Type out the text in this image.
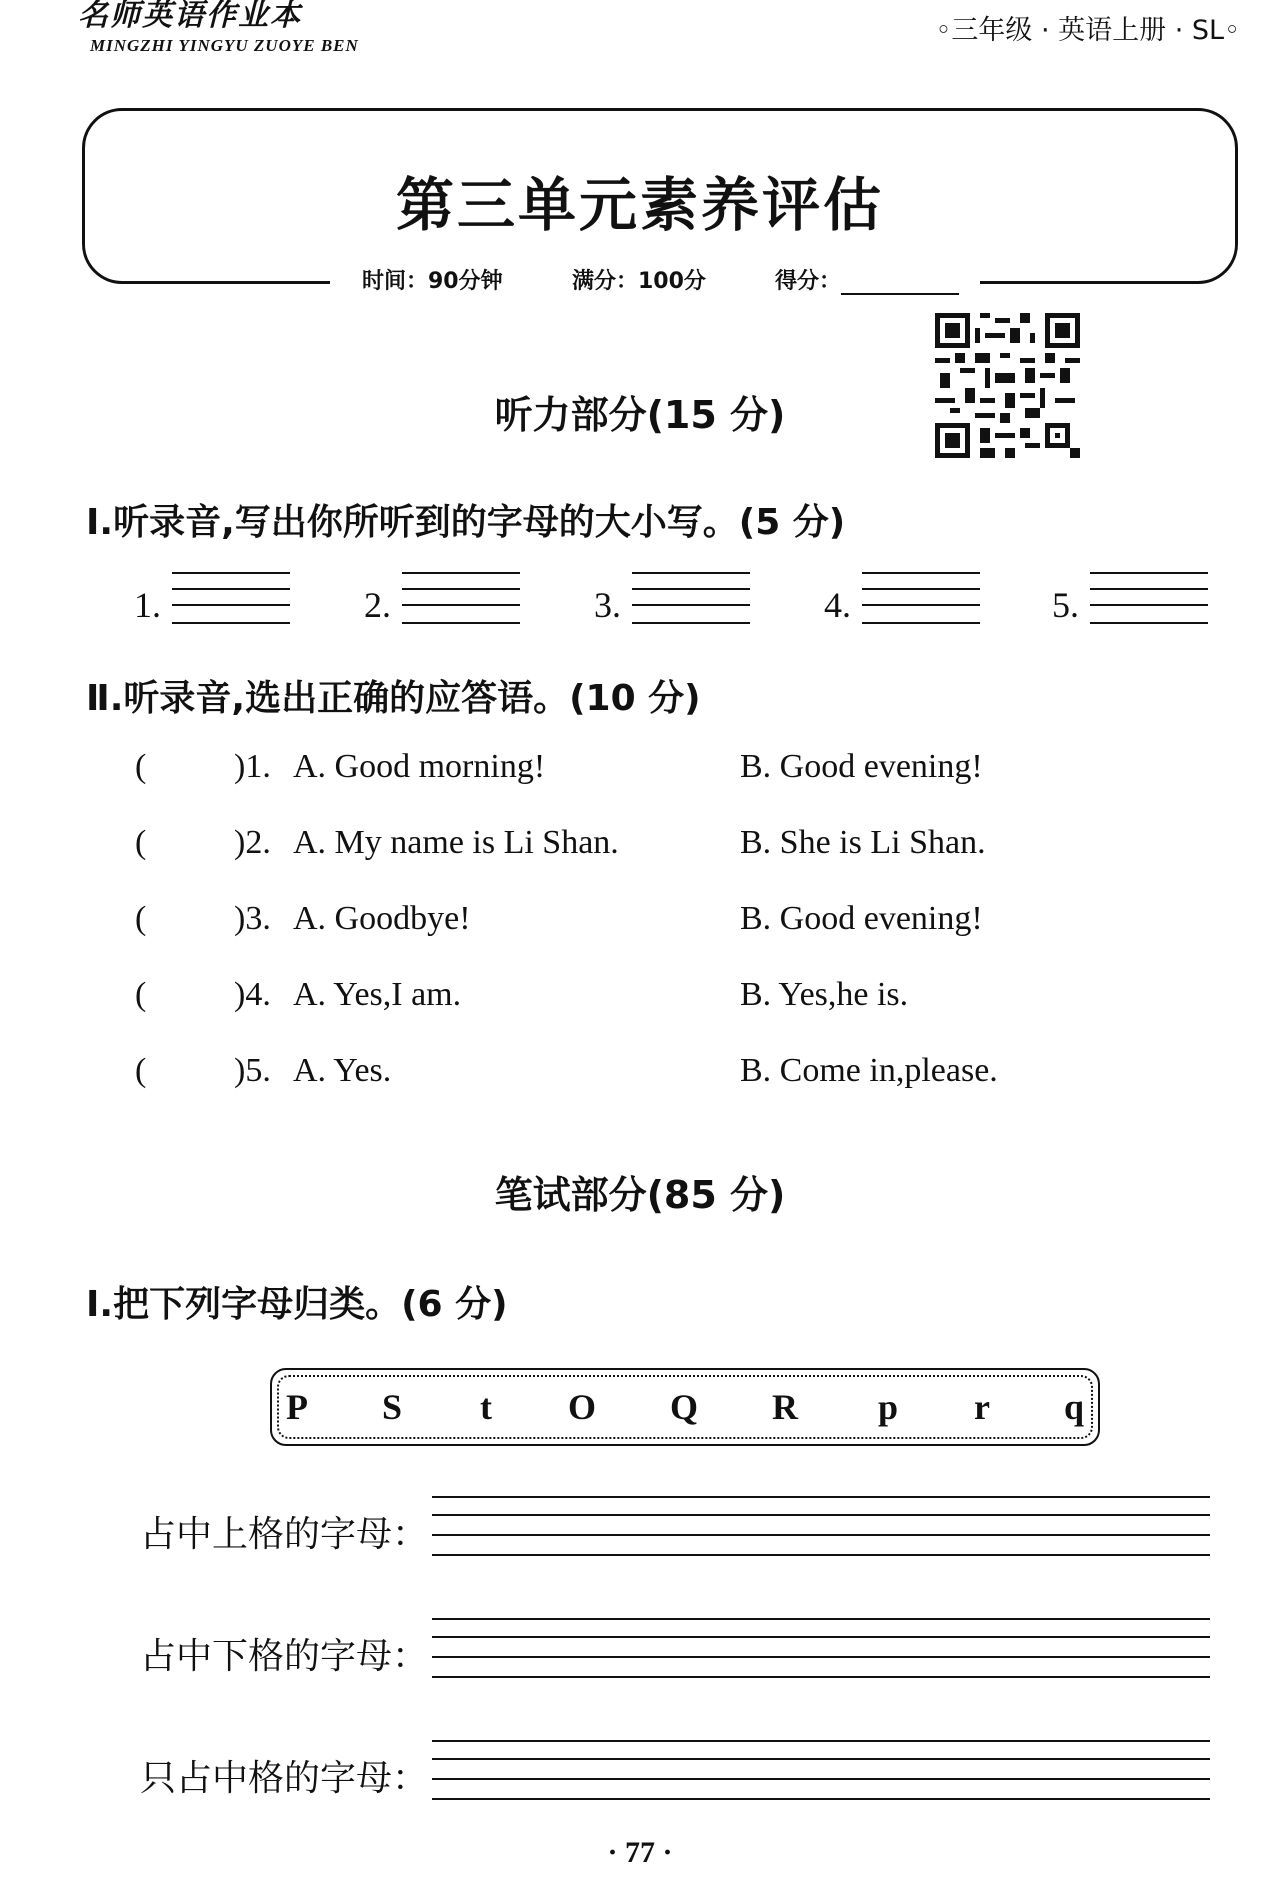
名师英语作业本
MINGZHI YINGYU ZUOYE BEN	◦三年级 · 英语上册 · SL◦
第三单元素养评估
时间：90分钟	满分：100分	得分：
听力部分(15 分)
Ⅰ.听录音,写出你所听到的字母的大小写。(5 分)
1.	2.	3.	4.	5.
Ⅱ.听录音,选出正确的应答语。(10 分)
(	)1. A. Good morning!	B. Good evening!
(	)2. A. My name is Li Shan.	B. She is Li Shan.
(	)3. A. Goodbye!	B. Good evening!
(	)4. A. Yes,I am.	B. Yes,he is.
(	)5. A. Yes.	B. Come in,please.
笔试部分(85 分)
Ⅰ.把下列字母归类。(6 分)
P S t O Q R p r q
占中上格的字母：
占中下格的字母：
只占中格的字母：
· 77 ·
